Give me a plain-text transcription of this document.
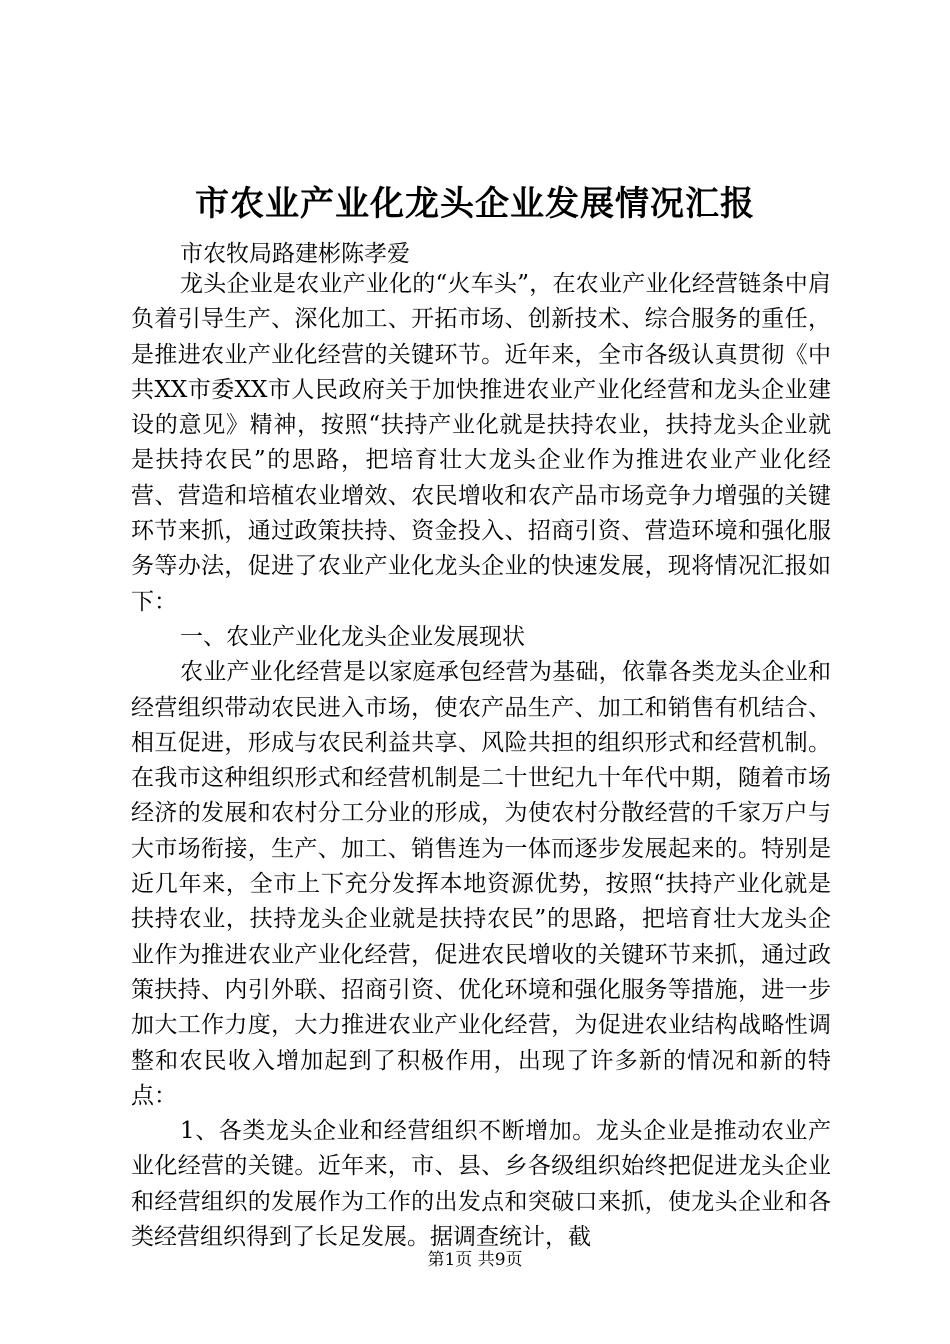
市农业产业化龙头企业发展情况汇报

市农牧局路建彬陈孝爱

龙头企业是农业产业化的“火车头”，在农业产业化经营链条中肩负着引导生产、深化加工、开拓市场、创新技术、综合服务的重任，是推进农业产业化经营的关键环节。近年来，全市各级认真贯彻《中共XX市委XX市人民政府关于加快推进农业产业化经营和龙头企业建设的意见》精神，按照“扶持产业化就是扶持农业，扶持龙头企业就是扶持农民”的思路，把培育壮大龙头企业作为推进农业产业化经营、营造和培植农业增效、农民增收和农产品市场竞争力增强的关键环节来抓，通过政策扶持、资金投入、招商引资、营造环境和强化服务等办法，促进了农业产业化龙头企业的快速发展，现将情况汇报如下：

一、农业产业化龙头企业发展现状

农业产业化经营是以家庭承包经营为基础，依靠各类龙头企业和经营组织带动农民进入市场，使农产品生产、加工和销售有机结合、相互促进，形成与农民利益共享、风险共担的组织形式和经营机制。在我市这种组织形式和经营机制是二十世纪九十年代中期，随着市场经济的发展和农村分工分业的形成，为使农村分散经营的千家万户与大市场衔接，生产、加工、销售连为一体而逐步发展起来的。特别是近几年来，全市上下充分发挥本地资源优势，按照“扶持产业化就是扶持农业，扶持龙头企业就是扶持农民”的思路，把培育壮大龙头企业作为推进农业产业化经营，促进农民增收的关键环节来抓，通过政策扶持、内引外联、招商引资、优化环境和强化服务等措施，进一步加大工作力度，大力推进农业产业化经营，为促进农业结构战略性调整和农民收入增加起到了积极作用，出现了许多新的情况和新的特点：

1、各类龙头企业和经营组织不断增加。龙头企业是推动农业产业化经营的关键。近年来，市、县、乡各级组织始终把促进龙头企业和经营组织的发展作为工作的出发点和突破口来抓，使龙头企业和各类经营组织得到了长足发展。据调查统计，截

第1页 共9页
